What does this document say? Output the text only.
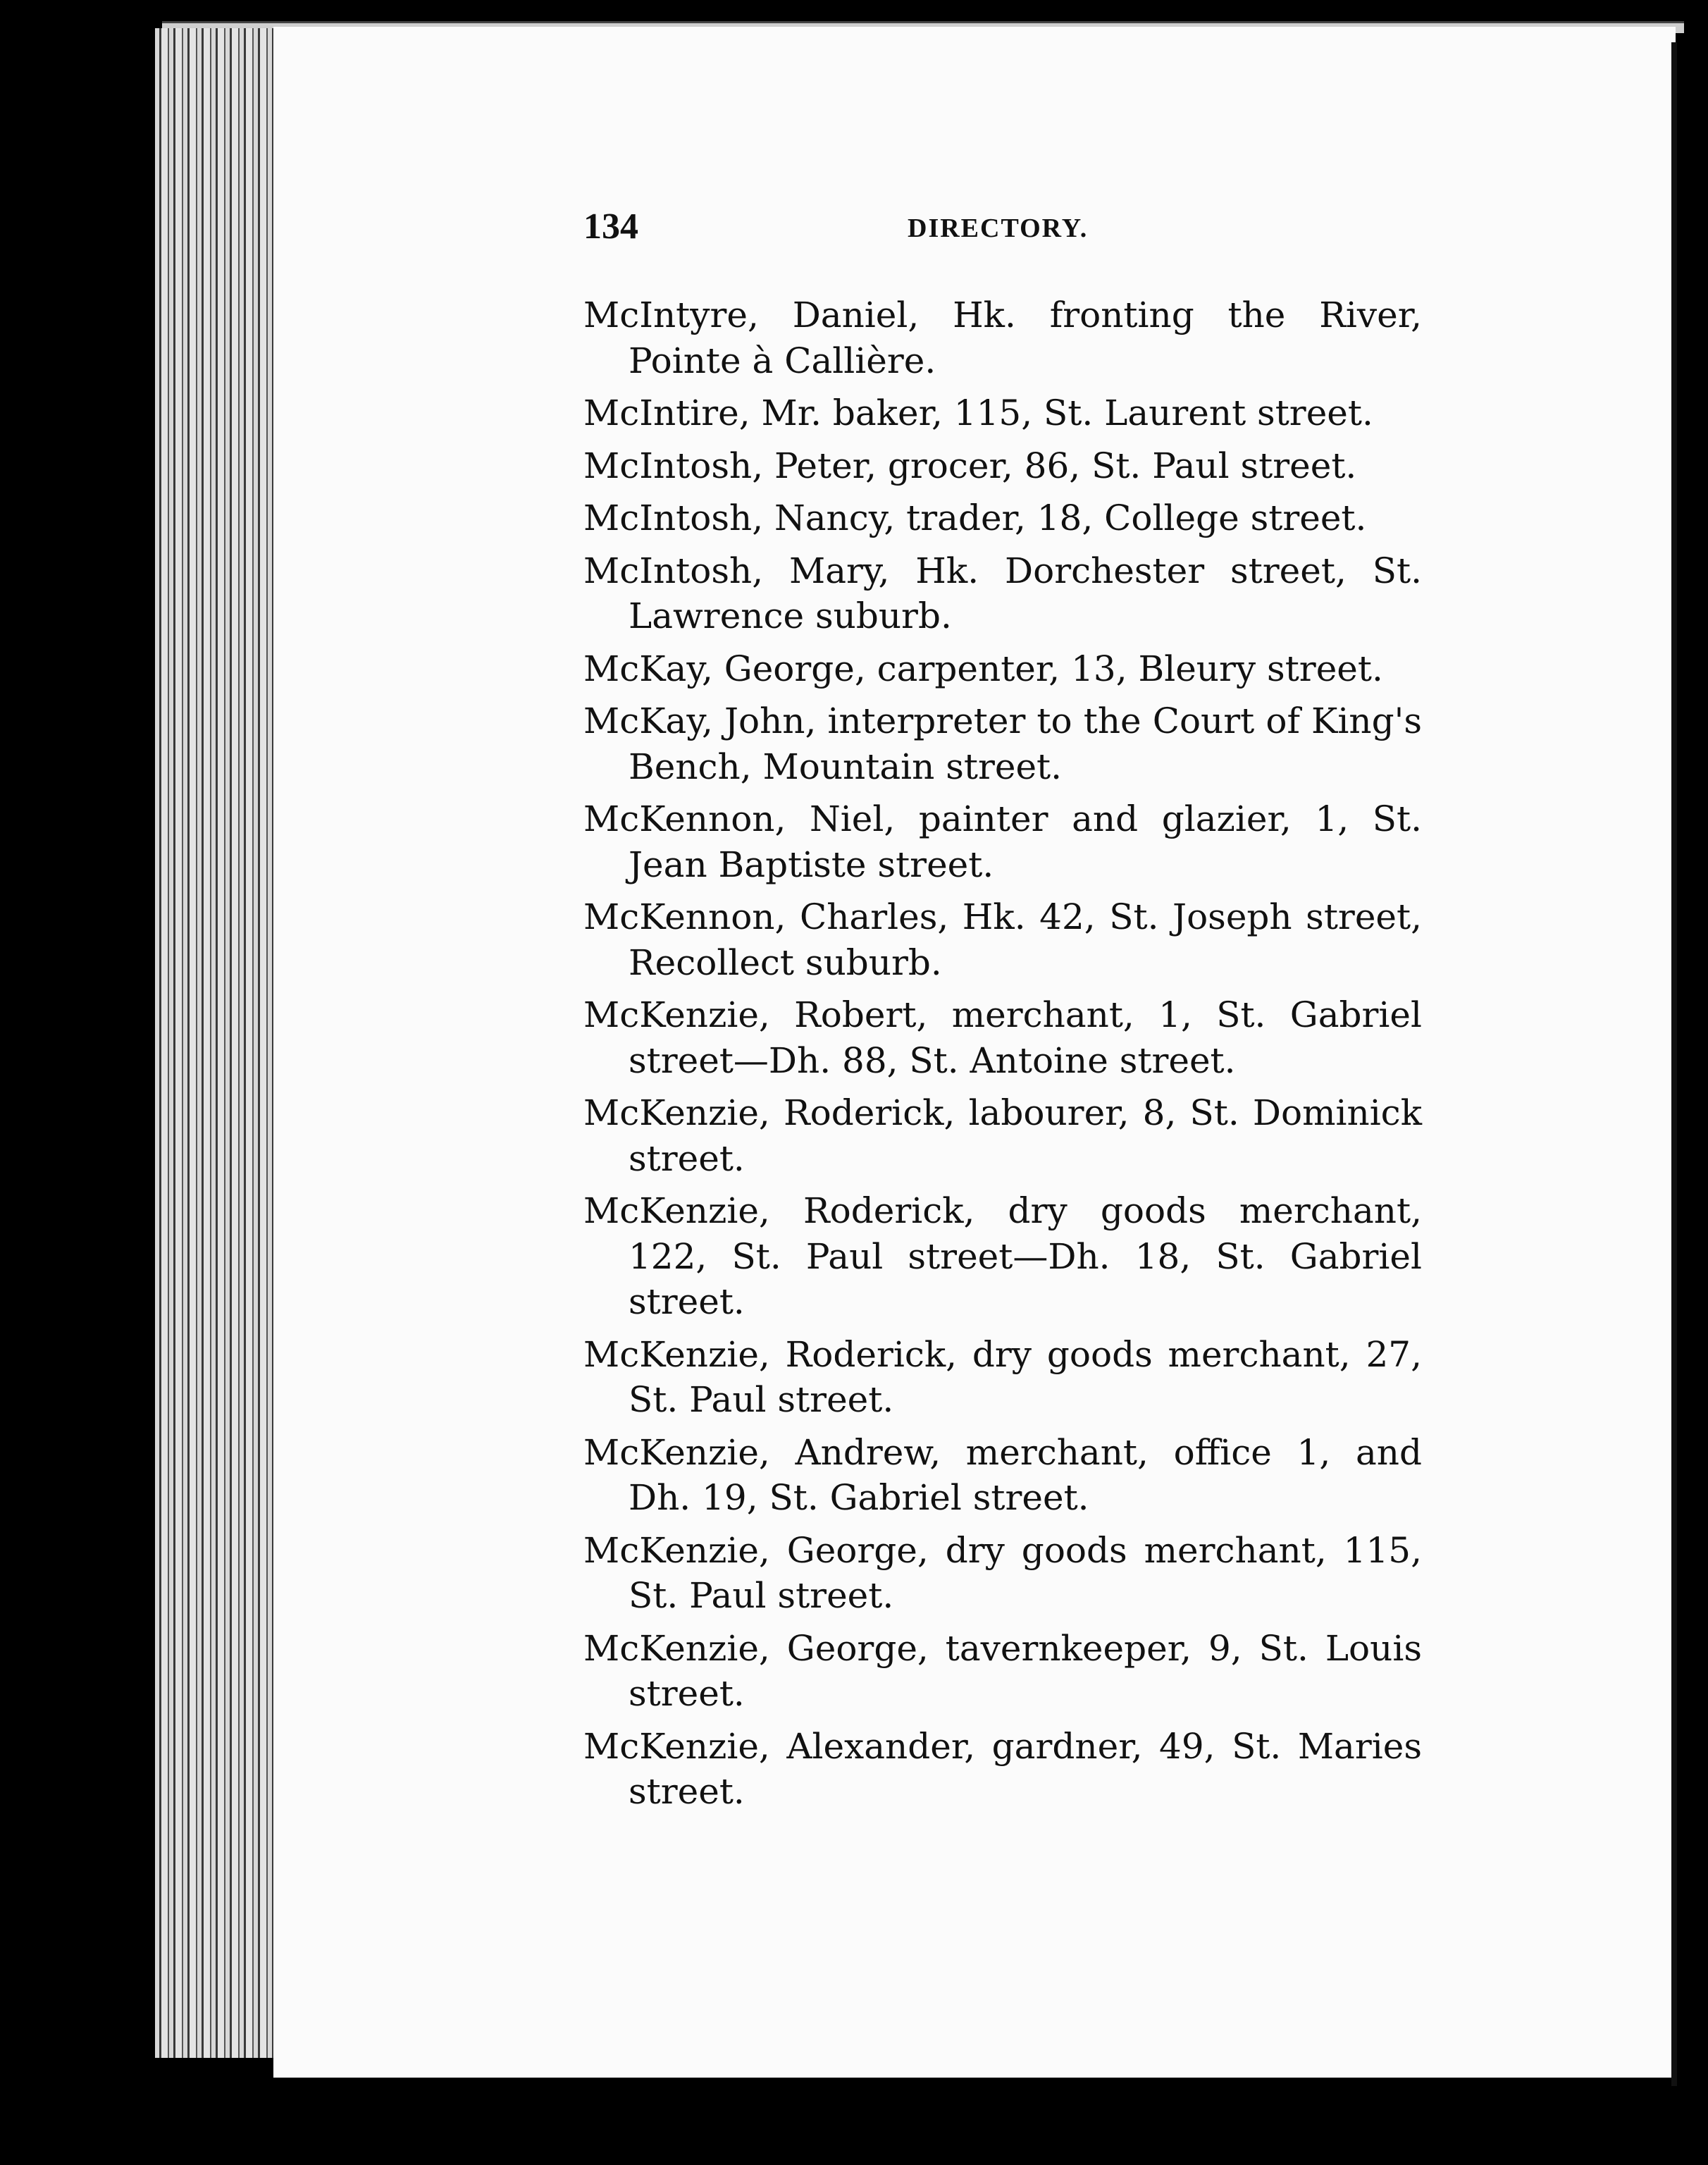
134	DIRECTORY.
McIntyre, Daniel, Hk. fronting the River, Pointe à Callière.
McIntire, Mr. baker, 115, St. Laurent street.
McIntosh, Peter, grocer, 86, St. Paul street.
McIntosh, Nancy, trader, 18, College street.
McIntosh, Mary, Hk. Dorchester street, St. Lawrence suburb.
McKay, George, carpenter, 13, Bleury street.
McKay, John, interpreter to the Court of King's Bench, Mountain street.
McKennon, Niel, painter and glazier, 1, St. Jean Baptiste street.
McKennon, Charles, Hk. 42, St. Joseph street, Recollect suburb.
McKenzie, Robert, merchant, 1, St. Gabriel street—Dh. 88, St. Antoine street.
McKenzie, Roderick, labourer, 8, St. Dominick street.
McKenzie, Roderick, dry goods merchant, 122, St. Paul street—Dh. 18, St. Gabriel street.
McKenzie, Roderick, dry goods merchant, 27, St. Paul street.
McKenzie, Andrew, merchant, office 1, and Dh. 19, St. Gabriel street.
McKenzie, George, dry goods merchant, 115, St. Paul street.
McKenzie, George, tavernkeeper, 9, St. Louis street.
McKenzie, Alexander, gardner, 49, St. Maries street.
